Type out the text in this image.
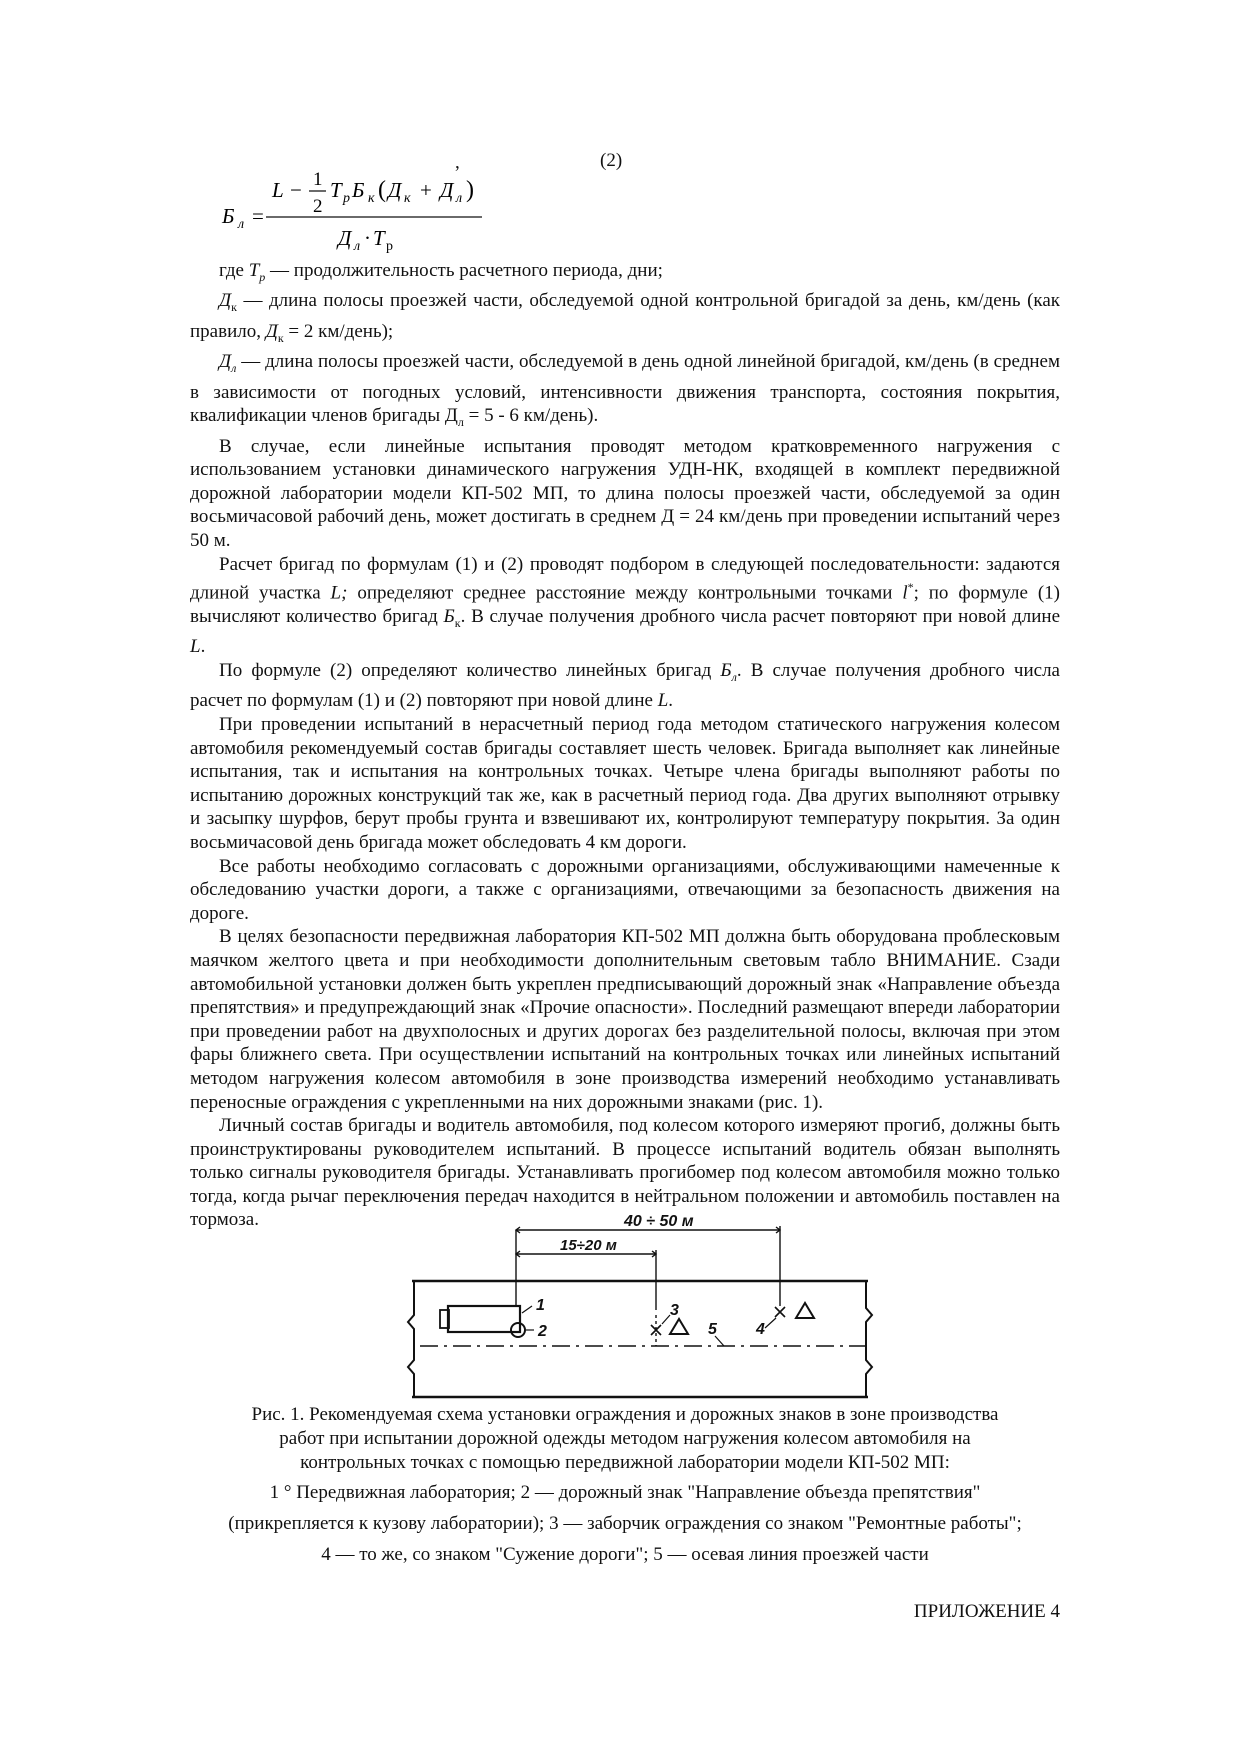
,	(2)
Б л =
L − 1
2
T p Б к ( Д к + Д л )
Д л · T р

где $T_p$ — продолжительность расчетного периода, дни;

$Д_к$ — длина полосы проезжей части, обследуемой одной контрольной бригадой за день, км/день (как правило, $Д_к = 2$ км/день);

$Д_л$ — длина полосы проезжей части, обследуемой в день одной линейной бригадой, км/день (в среднем в зависимости от погодных условий, интенсивности движения транспорта, состояния покрытия, квалификации членов бригады $Д_л = 5 - 6$ км/день).

В случае, если линейные испытания проводят методом кратковременного нагружения с использованием установки динамического нагружения УДН-НК, входящей в комплект передвижной дорожной лаборатории модели КП-502 МП, то длина полосы проезжей части, обследуемой за один восьмичасовой рабочий день, может достигать в среднем Д = 24 км/день при проведении испытаний через 50 м.

Расчет бригад по формулам (1) и (2) проводят подбором в следующей последовательности: задаются длиной участка L; определяют среднее расстояние между контрольными точками l*; по формуле (1) вычисляют количество бригад $Б_к$. В случае получения дробного числа расчет повторяют при новой длине L.

По формуле (2) определяют количество линейных бригад $Б_л$. В случае получения дробного числа расчет по формулам (1) и (2) повторяют при новой длине L.

При проведении испытаний в нерасчетный период года методом статического нагружения колесом автомобиля рекомендуемый состав бригады составляет шесть человек. Бригада выполняет как линейные испытания, так и испытания на контрольных точках. Четыре члена бригады выполняют работы по испытанию дорожных конструкций так же, как в расчетный период года. Два других выполняют отрывку и засыпку шурфов, берут пробы грунта и взвешивают их, контролируют температуру покрытия. За один восьмичасовой день бригада может обследовать 4 км дороги.

Все работы необходимо согласовать с дорожными организациями, обслуживающими намеченные к обследованию участки дороги, а также с организациями, отвечающими за безопасность движения на дороге.

В целях безопасности передвижная лаборатория КП-502 МП должна быть оборудована проблесковым маячком желтого цвета и при необходимости дополнительным световым табло ВНИМАНИЕ. Сзади автомобильной установки должен быть укреплен предписывающий дорожный знак «Направление объезда препятствия» и предупреждающий знак «Прочие опасности». Последний размещают впереди лаборатории при проведении работ на двухполосных и других дорогах без разделительной полосы, включая при этом фары ближнего света. При осуществлении испытаний на контрольных точках или линейных испытаний методом нагружения колесом автомобиля в зоне производства измерений необходимо устанавливать переносные ограждения с укрепленными на них дорожными знаками (рис. 1).

Личный состав бригады и водитель автомобиля, под колесом которого измеряют прогиб, должны быть проинструктированы руководителем испытаний. В процессе испытаний водитель обязан выполнять только сигналы руководителя бригады. Устанавливать прогибомер под колесом автомобиля можно только тогда, когда рычаг переключения передач находится в нейтральном положении и автомобиль поставлен на тормоза.	40 ÷ 50 м
15÷20 м
1
2
3
4
5
Рис. 1. Рекомендуемая схема установки ограждения и дорожных знаков в зоне производства
работ при испытании дорожной одежды методом нагружения колесом автомобиля на
контрольных точках с помощью передвижной лаборатории модели КП-502 МП:
1 ° Передвижная лаборатория; 2 — дорожный знак "Направление объезда препятствия"
(прикрепляется к кузову лаборатории); 3 — заборчик ограждения со знаком "Ремонтные работы";
4 — то же, со знаком "Сужение дороги"; 5 — осевая линия проезжей части
ПРИЛОЖЕНИЕ 4
